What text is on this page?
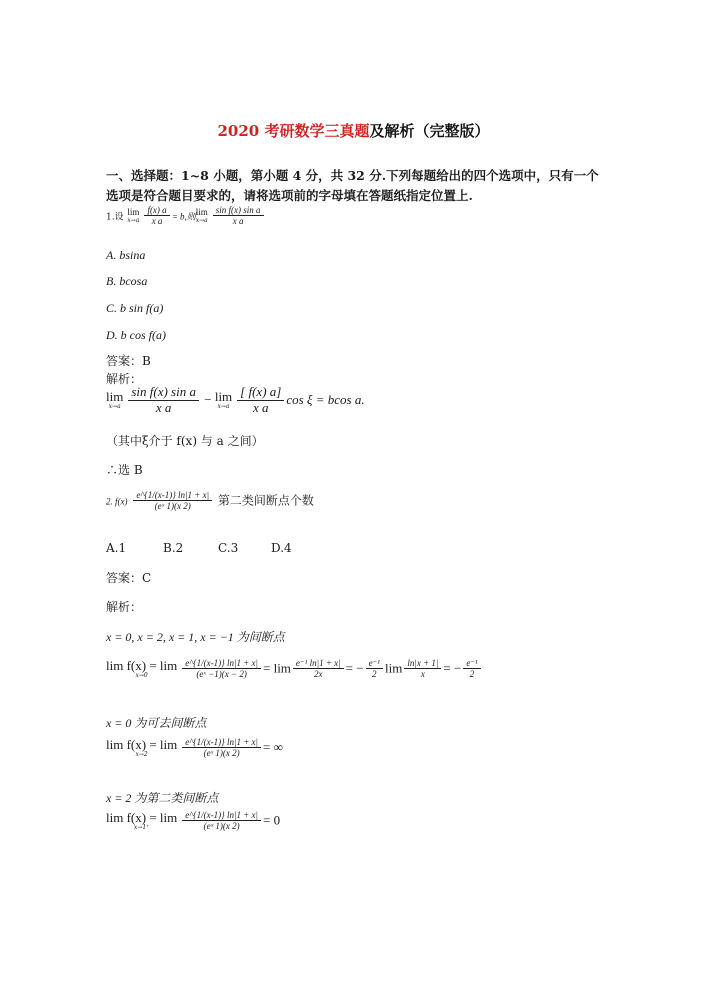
2020 考研数学三真题及解析（完整版）
一、选择题：1~8 小题，第小题 4 分，共 32 分.下列每题给出的四个选项中，只有一个选项是符合题目要求的，请将选项前的字母填在答题纸指定位置上.
1.设 lim
$x\to a \frac{f(x) a}{\text{x a}} = b$,则lim
$x\to a \frac{\text{sin f(x) sin a}}{\text{x a}}$
A. bsina
B. bcosa
C. b sin f(a)
D. b cos f(a)
答案：B
解析：
lim
$x\to a \frac{\text{sin f(x) sin a}}{\text{x a}} - \lim$
$x\to a \frac{[ f(x) a]}{\text{x a}}$ cos ξ = bcos a.
（其中ξ介于 f(x) 与 a 之间）
∴选 B
2. $f(x) \frac{e\^{}\{1/(x-1)\} \ln|1 + x|}{\text{(eˣ 1)(x 2)}}$ 第二类间断点个数
A.1	B.2	C.3	D.4
答案：C
解析：
x = 0, x = 2, x = 1, x = −1 为间断点
lim f(x) = lim
x→0	$\frac{e\^{}\{1/(x-1)\} \ln|1 + x|}{\text{(eˣ −1)(x − 2)}} = \lim \frac{\text{e⁻¹ ln|1 + x|}}{2x}$ = − $\frac{\text{e⁻¹}}{2}$ $\lim \frac{\ln|x + 1|}{x}$ = − $\frac{\text{e⁻¹}}{2}$
x = 0 为可去间断点
lim f(x) = lim
x→2	$\frac{e\^{}\{1/(x-1)\} \ln|1 + x|}{\text{(eˣ 1)(x 2)}}$ = ∞
x = 2 为第二类间断点
lim f(x) = lim
x→1⁺	$\frac{e\^{}\{1/(x-1)\} \ln|1 + x|}{\text{(eˣ 1)(x 2)}} = 0$
